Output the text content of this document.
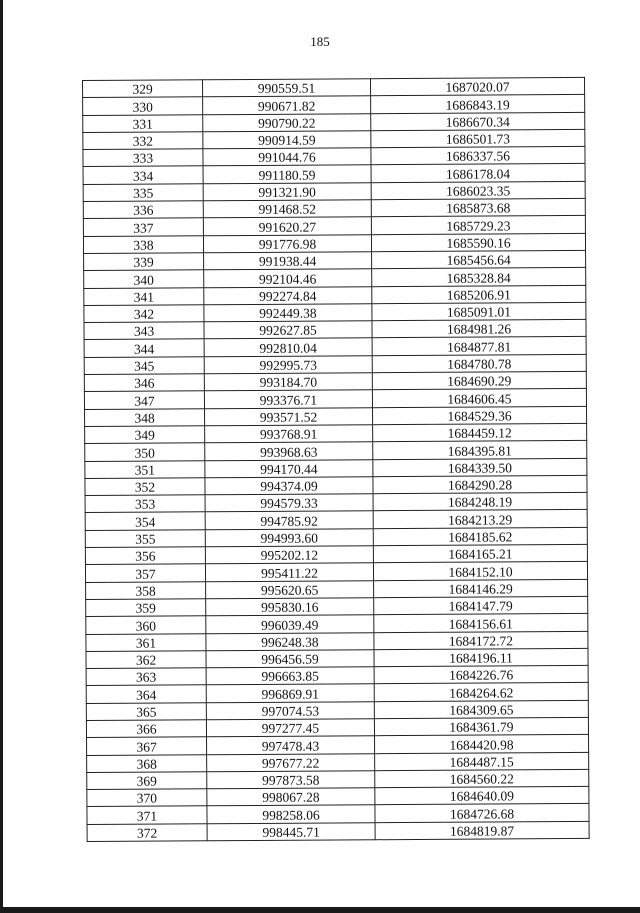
185
329	990559.51	1687020.07
330	990671.82	1686843.19
331	990790.22	1686670.34
332	990914.59	1686501.73
333	991044.76	1686337.56
334	991180.59	1686178.04
335	991321.90	1686023.35
336	991468.52	1685873.68
337	991620.27	1685729.23
338	991776.98	1685590.16
339	991938.44	1685456.64
340	992104.46	1685328.84
341	992274.84	1685206.91
342	992449.38	1685091.01
343	992627.85	1684981.26
344	992810.04	1684877.81
345	992995.73	1684780.78
346	993184.70	1684690.29
347	993376.71	1684606.45
348	993571.52	1684529.36
349	993768.91	1684459.12
350	993968.63	1684395.81
351	994170.44	1684339.50
352	994374.09	1684290.28
353	994579.33	1684248.19
354	994785.92	1684213.29
355	994993.60	1684185.62
356	995202.12	1684165.21
357	995411.22	1684152.10
358	995620.65	1684146.29
359	995830.16	1684147.79
360	996039.49	1684156.61
361	996248.38	1684172.72
362	996456.59	1684196.11
363	996663.85	1684226.76
364	996869.91	1684264.62
365	997074.53	1684309.65
366	997277.45	1684361.79
367	997478.43	1684420.98
368	997677.22	1684487.15
369	997873.58	1684560.22
370	998067.28	1684640.09
371	998258.06	1684726.68
372	998445.71	1684819.87
